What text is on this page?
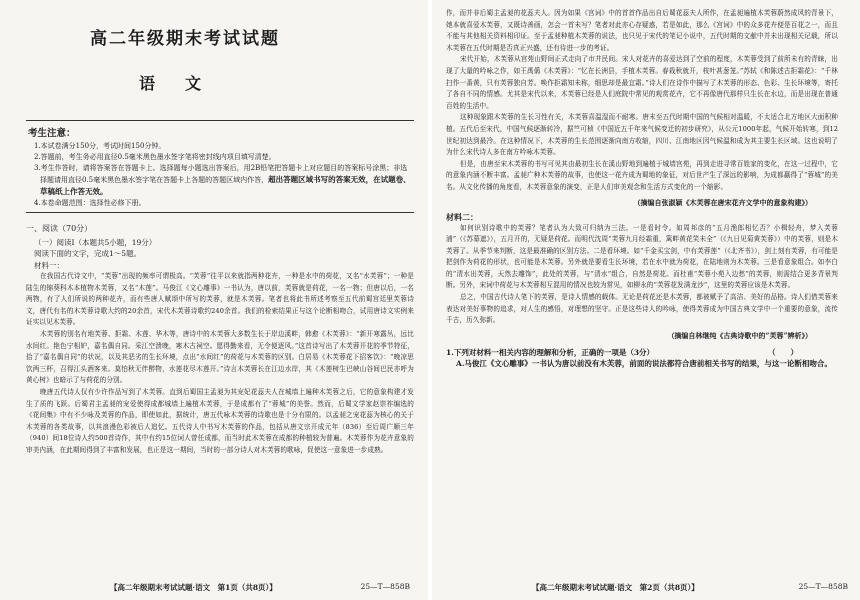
高二年级期末考试试题
语文
考生注意：
1.本试卷满分150分，考试时间150分钟。
2.答题前，考生务必用直径0.5毫米黑色墨水签字笔将密封线内项目填写清楚。
3.考生作答时，请将答案答在答题卡上。选择题每小题选出答案后，用2B铅笔把答题卡上对应题目的答案标号涂黑；非选择题请用直径0.5毫米黑色墨水签字笔在答题卡上各题的答题区域内作答，超出答题区域书写的答案无效，在试题卷、草稿纸上作答无效。
4.本卷命题范围：选择性必修下册。
一、阅读（70分）
（一）阅读Ⅰ（本题共5小题，19分）
阅读下面的文字，完成1～5题。
材料一：
在我国古代诗文中，“芙蓉”出现的频率可谓极高。“芙蓉”往平以来就指两种花卉，一种是水中的荷花，又名“水芙蓉”；一种是陆生的锦葵科木本植物木芙蓉，又名“木莲”。马俊江《文心雕事》一书认为，唐以前，芙蓉就是荷花，一名一物；但唐以后，一名两物，有了人们所说的两种花卉，而有些唐人赋颂中所写的芙蓉，就是木芙蓉。笔者也将此书所述考察至五代前蜀宫廷里芙蓉诗文，唐代有名的木芙蓉诗歌大约的20余首，宋代木芙蓉诗歌约240余首。我们的检索结果正与这个论断相吻合，试用唐诗文实例来证实以见木芙蓉。
木芙蓉的别名有地芙蓉、拒霜、木莲、华木等，唐诗中的木芙蓉大多数生长于岸边溪畔，韩愈《木芙蓉》：“新开寒露丛，远比水间红。艳色宁相妒，嘉名偶自同。采江空溃晚，寒木古祠空。愿得勤来看，无令便逐风。”这首诗写出了木芙蓉开花的季节特征，拾了“嘉名偶自同”的状况，以及其恶劣的生长环境，点出“水间红”的荷花与木芙蓉的区别。白居易《木芙蓉花下招客饮》：“晚凉思饮两三杯，召得江头酒客来。莫怕秋无伴醉物，水莲花尽木莲开。”诗言木芙蓉长在江边水岸，其《木莲树生巴峡山谷间巴民亦呼为黄心树》也暗示了与荷花的分别。
晚唐五代诗人仅有少许作品写到了木芙蓉。直到后蜀国主孟昶为其宠妃花蕊夫人在城墙上遍种木芙蓉之后，它的意象构建才发生了质的飞跃。后蜀君主孟昶的宠爱使得成都城墙上遍植木芙蓉，于是成都有了“蓉城”的美誉。然而，后蜀文学家赵崇祚编选的《花间集》中有不少咏及芙蓉的作品，即使如此，据统计，唐五代咏木芙蓉的诗歌也是十分有限的。以孟昶之宠花蕊为核心的关于木芙蓉的各类故事，以其浪漫色彩被后人追忆。五代诗人中书写木芙蓉的作品，包括从唐文宗开成元年（836）至后周广顺三年（940）间18位诗人约500首诗作，其中有约15位词人曾任成都，而当时此木芙蓉在成都的种植较为普遍。木芙蓉作为花卉意象的审美内涵，在此期间得到了丰富和发展，也正是这一期间，当时的一部分诗人对木芙蓉的歌咏，促使这一意象进一步成熟。
【高二年级期末考试试题·语文　第1页（共8页）】	25—T—858B
作，而并非后蜀主孟昶的花蕊夫人。因为如果《宫词》中的首首作品出自后蜀花蕊夫人所作，在孟昶遍植木芙蓉蔚然成风的背景下，她本就喜爱木芙蓉，又既诗善画，怎会一首未写？笔者对此亦心存疑惑，若是如此，那么《宫词》中的众多花卉便是百花之一，而且不能与其他相关资料相印证。至于孟昶种植木芙蓉的说法，也只见于宋代的笔记小说中，五代时期的文献中并未出现相关记载，所以木芙蓉在五代时期是否真正兴盛，还有待进一步的考证。
宋代开始，木芙蓉从宫苑山野间正式走向了市井民间。宋人对花卉的喜爱达到了空前的程度，木芙蓉受到了前所未有的青睐，出现了大量的吟咏之作，如王禹偁《木芙蓉》：“忆在长洲县，手植木芙蓉。春栽秋就开，枝叶甚葱茏。”苏轼《和陈述古拒霜花》：“千林扫作一番黄，只有芙蓉独自芳。唤作拒霜知未称，细思却是最宜霜。”诗人们在诗作中描写了木芙蓉的形态、色彩、生长环境等，寄托了各自不同的情感。尤其是宋代以来，木芙蓉已经是人们庭院中常见的观赏花卉，它不再像唐代那样只生长在水边，而是出现在普通百姓的生活中。
这种现象跟木芙蓉的生长习性有关，木芙蓉喜温湿而不耐寒。唐末至五代时期中国的气候相对温暖，不太适合北方地区大面积种植。五代后至宋代，中国气候逐渐转冷，据竺可桢《中国近五千年来气候变迁的初步研究》，从公元1000年起，气候开始转寒，到12世纪初达到最冷。在这种情况下，木芙蓉的生长范围逐渐向南方收缩，四川、江南地区因气候温和成为其主要生长区域。这也说明了为什么宋代诗人多在南方吟咏木芙蓉。
但是，由唐至宋木芙蓉的书写可见其由最初生长在溪山野地到遍植于城墙宫苑，再到走进寻常百姓家的变化，在这一过程中，它的意象内涵不断丰富。孟昶广种木芙蓉的故事，也使这一花卉成为蜀地的象征，对后世产生了深远的影响，为成都赢得了“蓉城”的美名。从文化传播的角度看，木芙蓉意象的演变，正是人们审美观念和生活方式变化的一个缩影。
（摘编自张淑颖《木芙蓉在唐宋花卉文学中的意象构建》）
材料二：
如何识别诗歌中的芙蓉？笔者认为大致可归纳为三法。一是看时令。如周邦彦的“五月渔郎相忆否？小楫轻舟，梦入芙蓉浦”（《苏幕遮》），五月开的，无疑是荷花。而明代沈周“芙蓉九月经霜重，篱畔黄花笑未全”（《九日见菊黄芙蓉》）中的芙蓉，则是木芙蓉了。从季节来判断，这是最准确的区别方法。二是看环境。如“千金买宝剑，中有芙蓉莲”（《北齐书》），剑上刻有芙蓉，有可能是把剑作为荷花的形状，也可能是木芙蓉。另外就是要看生长环境，若在水中就为荷花，在陆地则为木芙蓉。三是看意象组合。如李白的“清水出芙蓉，天然去雕饰”，此处的芙蓉，与“清水”组合，自然是荷花。而杜甫“芙蓉小苑入边愁”的芙蓉，则需结合更多背景判断。另外，宋词中荷花与木芙蓉相互混用的情况也较为常见，如柳永的“芙蓉花发满龙沙”，这里的芙蓉应该是木芙蓉。
总之，中国古代诗人笔下的芙蓉，是诗人情感的载体。无论是荷花还是木芙蓉，都被赋予了高洁、美好的品格。诗人们借芙蓉来表达对美好事物的追求，对人生的感悟，对理想的坚守。正是这些诗人的吟咏，使得芙蓉成为中国古典文学中一个重要的意象，流传千古，历久弥新。
（摘编自林继纯《古典诗歌中的“芙蓉”辨析》）
1.下列对材料一相关内容的理解和分析，正确的一项是（3分）	（　　）
A.马俊江《文心雕事》一书认为唐以前没有木芙蓉，前面的说法都符合唐前相关书写的结果，与这一论断相吻合。
【高二年级期末考试试题·语文　第2页（共8页）】	25—T—858B
